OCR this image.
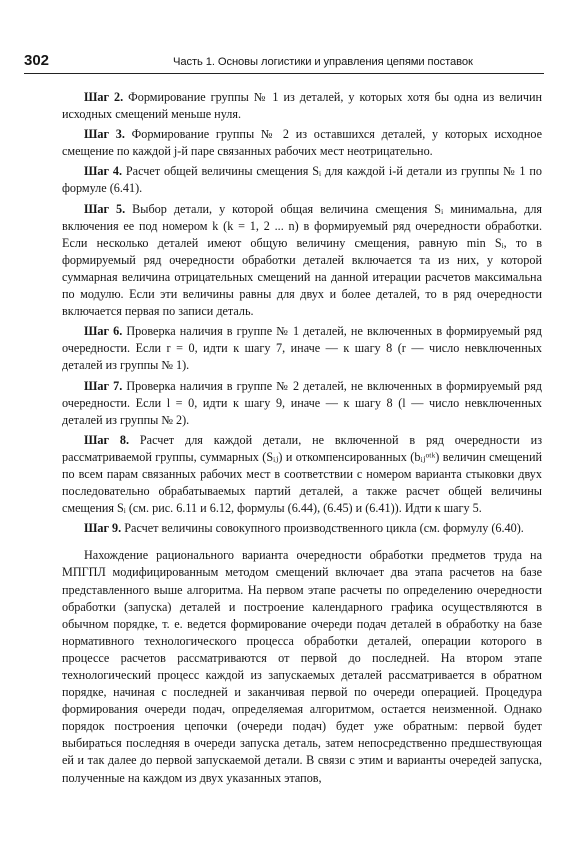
302	Часть 1. Основы логистики и управления цепями поставок

Шаг 2. Формирование группы № 1 из деталей, у которых хотя бы одна из величин исходных смещений меньше нуля.

Шаг 3. Формирование группы № 2 из оставшихся деталей, у которых исходное смещение по каждой j-й паре связанных рабочих мест неотрицательно.

Шаг 4. Расчет общей величины смещения Sᵢ для каждой i-й детали из группы № 1 по формуле (6.41).

Шаг 5. Выбор детали, у которой общая величина смещения Sᵢ минимальна, для включения ее под номером k (k = 1, 2 ... n) в формируемый ряд очередности обработки. Если несколько деталей имеют общую величину смещения, равную min Sᵢ, то в формируемый ряд очередности обработки деталей включается та из них, у которой суммарная величина отрицательных смещений на данной итерации расчетов максимальна по модулю. Если эти величины равны для двух и более деталей, то в ряд очередности включается первая по записи деталь.

Шаг 6. Проверка наличия в группе № 1 деталей, не включенных в формируемый ряд очередности. Если r = 0, идти к шагу 7, иначе — к шагу 8 (r — число невключенных деталей из группы № 1).

Шаг 7. Проверка наличия в группе № 2 деталей, не включенных в формируемый ряд очередности. Если l = 0, идти к шагу 9, иначе — к шагу 8 (l — число невключенных деталей из группы № 2).

Шаг 8. Расчет для каждой детали, не включенной в ряд очередности из рассматриваемой группы, суммарных (Sᵢⱼ) и откомпенсированных (bᵢⱼᵒᵗᵏ) величин смещений по всем парам связанных рабочих мест в соответствии с номером варианта стыковки двух последовательно обрабатываемых партий деталей, а также расчет общей величины смещения Sᵢ (см. рис. 6.11 и 6.12, формулы (6.44), (6.45) и (6.41)). Идти к шагу 5.

Шаг 9. Расчет величины совокупного производственного цикла (см. формулу (6.40).

Нахождение рационального варианта очередности обработки предметов труда на МПГПЛ модифицированным методом смещений включает два этапа расчетов на базе представленного выше алгоритма. На первом этапе расчеты по определению очередности обработки (запуска) деталей и построение календарного графика осуществляются в обычном порядке, т. е. ведется формирование очереди подач деталей в обработку на базе нормативного технологического процесса обработки деталей, операции которого в процессе расчетов рассматриваются от первой до последней. На втором этапе технологический процесс каждой из запускаемых деталей рассматривается в обратном порядке, начиная с последней и заканчивая первой по очереди операцией. Процедура формирования очереди подач, определяемая алгоритмом, остается неизменной. Однако порядок построения цепочки (очереди подач) будет уже обратным: первой будет выбираться последняя в очереди запуска деталь, затем непосредственно предшествующая ей и так далее до первой запускаемой детали. В связи с этим и варианты очередей запуска, полученные на каждом из двух указанных этапов,
